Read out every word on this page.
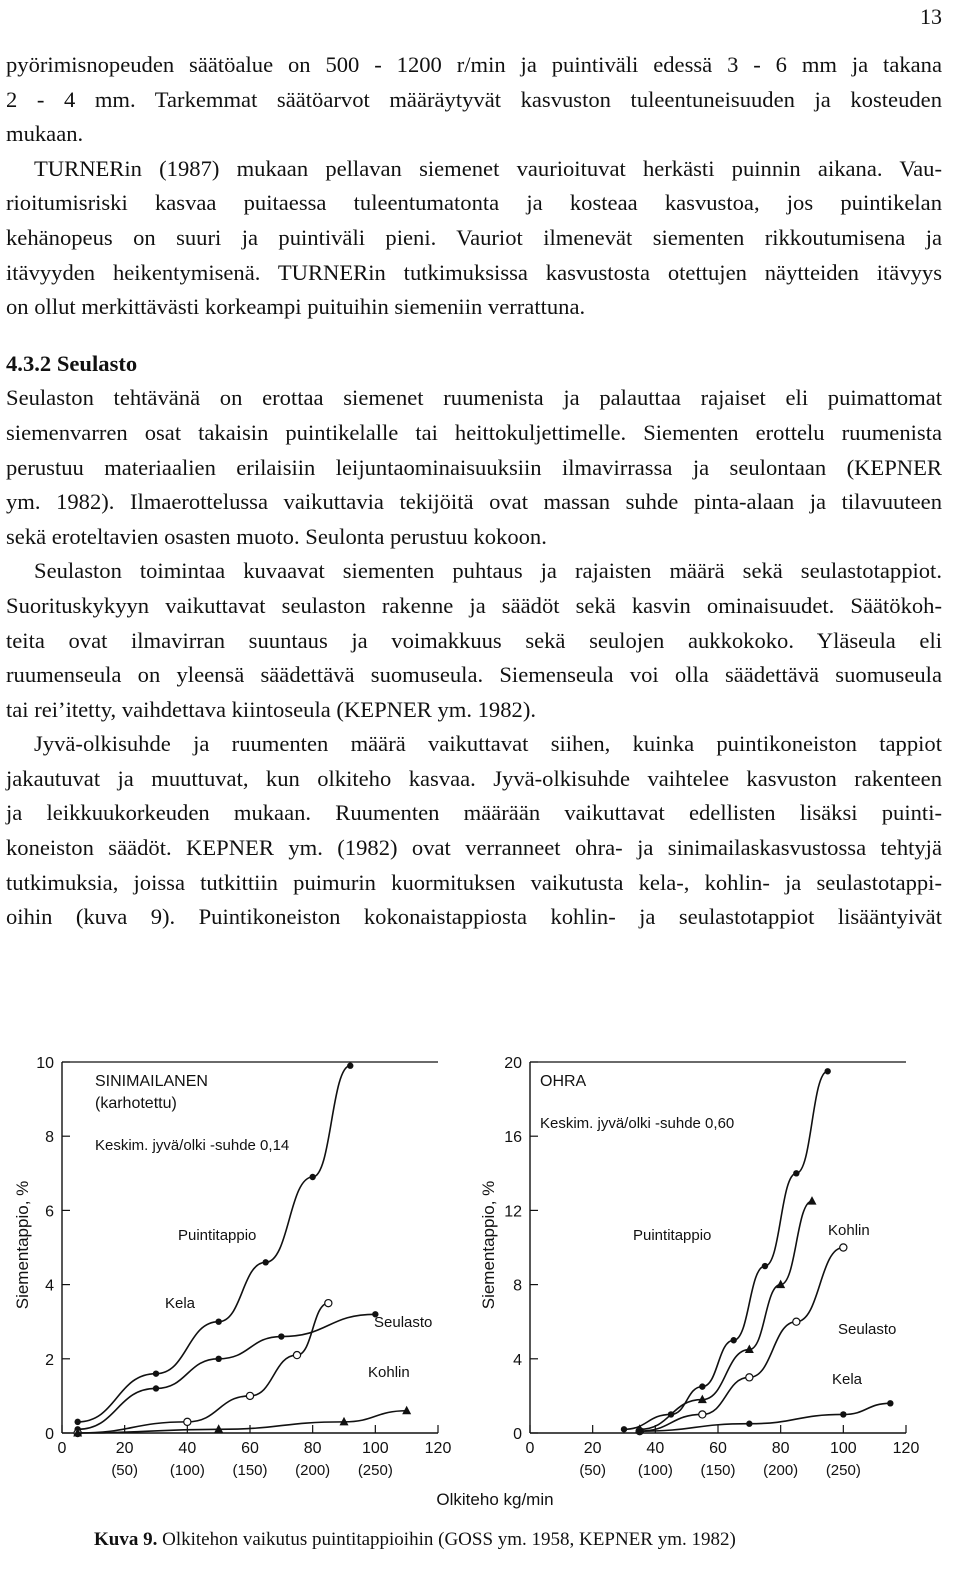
13
pyörimisnopeuden säätöalue on 500 - 1200 r/min ja puintiväli edessä 3 - 6 mm ja takana
2 - 4 mm. Tarkemmat säätöarvot määräytyvät kasvuston tuleentuneisuuden ja kosteuden
mukaan.
TURNERin (1987) mukaan pellavan siemenet vaurioituvat herkästi puinnin aikana. Vau-
rioitumisriski kasvaa puitaessa tuleentumatonta ja kosteaa kasvustoa, jos puintikelan
kehänopeus on suuri ja puintiväli pieni. Vauriot ilmenevät siementen rikkoutumisena ja
itävyyden heikentymisenä. TURNERin tutkimuksissa kasvustosta otettujen näytteiden itävyys
on ollut merkittävästi korkeampi puituihin siemeniin verrattuna.
4.3.2 Seulasto
Seulaston tehtävänä on erottaa siemenet ruumenista ja palauttaa rajaiset eli puimattomat
siemenvarren osat takaisin puintikelalle tai heittokuljettimelle. Siementen erottelu ruumenista
perustuu materiaalien erilaisiin leijuntaominaisuuksiin ilmavirrassa ja seulontaan (KEPNER
ym. 1982). Ilmaerottelussa vaikuttavia tekijöitä ovat massan suhde pinta-alaan ja tilavuuteen
sekä eroteltavien osasten muoto. Seulonta perustuu kokoon.
Seulaston toimintaa kuvaavat siementen puhtaus ja rajaisten määrä sekä seulastotappiot.
Suorituskykyyn vaikuttavat seulaston rakenne ja säädöt sekä kasvin ominaisuudet. Säätökoh-
teita ovat ilmavirran suuntaus ja voimakkuus sekä seulojen aukkokoko. Yläseula eli
ruumenseula on yleensä säädettävä suomuseula. Siemenseula voi olla säädettävä suomuseula
tai rei’itetty, vaihdettava kiintoseula (KEPNER ym. 1982).
Jyvä-olkisuhde ja ruumenten määrä vaikuttavat siihen, kuinka puintikoneiston tappiot
jakautuvat ja muuttuvat, kun olkiteho kasvaa. Jyvä-olkisuhde vaihtelee kasvuston rakenteen
ja leikkuukorkeuden mukaan. Ruumenten määrään vaikuttavat edellisten lisäksi puinti-
koneiston säädöt. KEPNER ym. (1982) ovat verranneet ohra- ja sinimailaskasvustossa tehtyjä
tutkimuksia, joissa tutkittiin puimurin kuormituksen vaikutusta kela-, kohlin- ja seulastotappi-
oihin (kuva 9). Puintikoneiston kokonaistappiosta kohlin- ja seulastotappiot lisääntyivät
0
2
4
6
8
10
0	20	40	60	80	100 120
(50) (100) (150) (200) (250)
SINIMAILANEN
(karhotettu)
Keskim. jyvä/olki -suhde 0,14
Siementappio, %	Puintitappio
Kela
Seulasto
Kohlin
0
4
8
12
16
20
0	20	40	60	80	100 120
(50) (100) (150) (200) (250)
OHRA
Keskim. jyvä/olki -suhde 0,60
Siementappio, %	Puintitappio	Kohlin
Seulasto
Kela
Olkiteho kg/min
Kuva 9. Olkitehon vaikutus puintitappioihin (GOSS ym. 1958, KEPNER ym. 1982)
